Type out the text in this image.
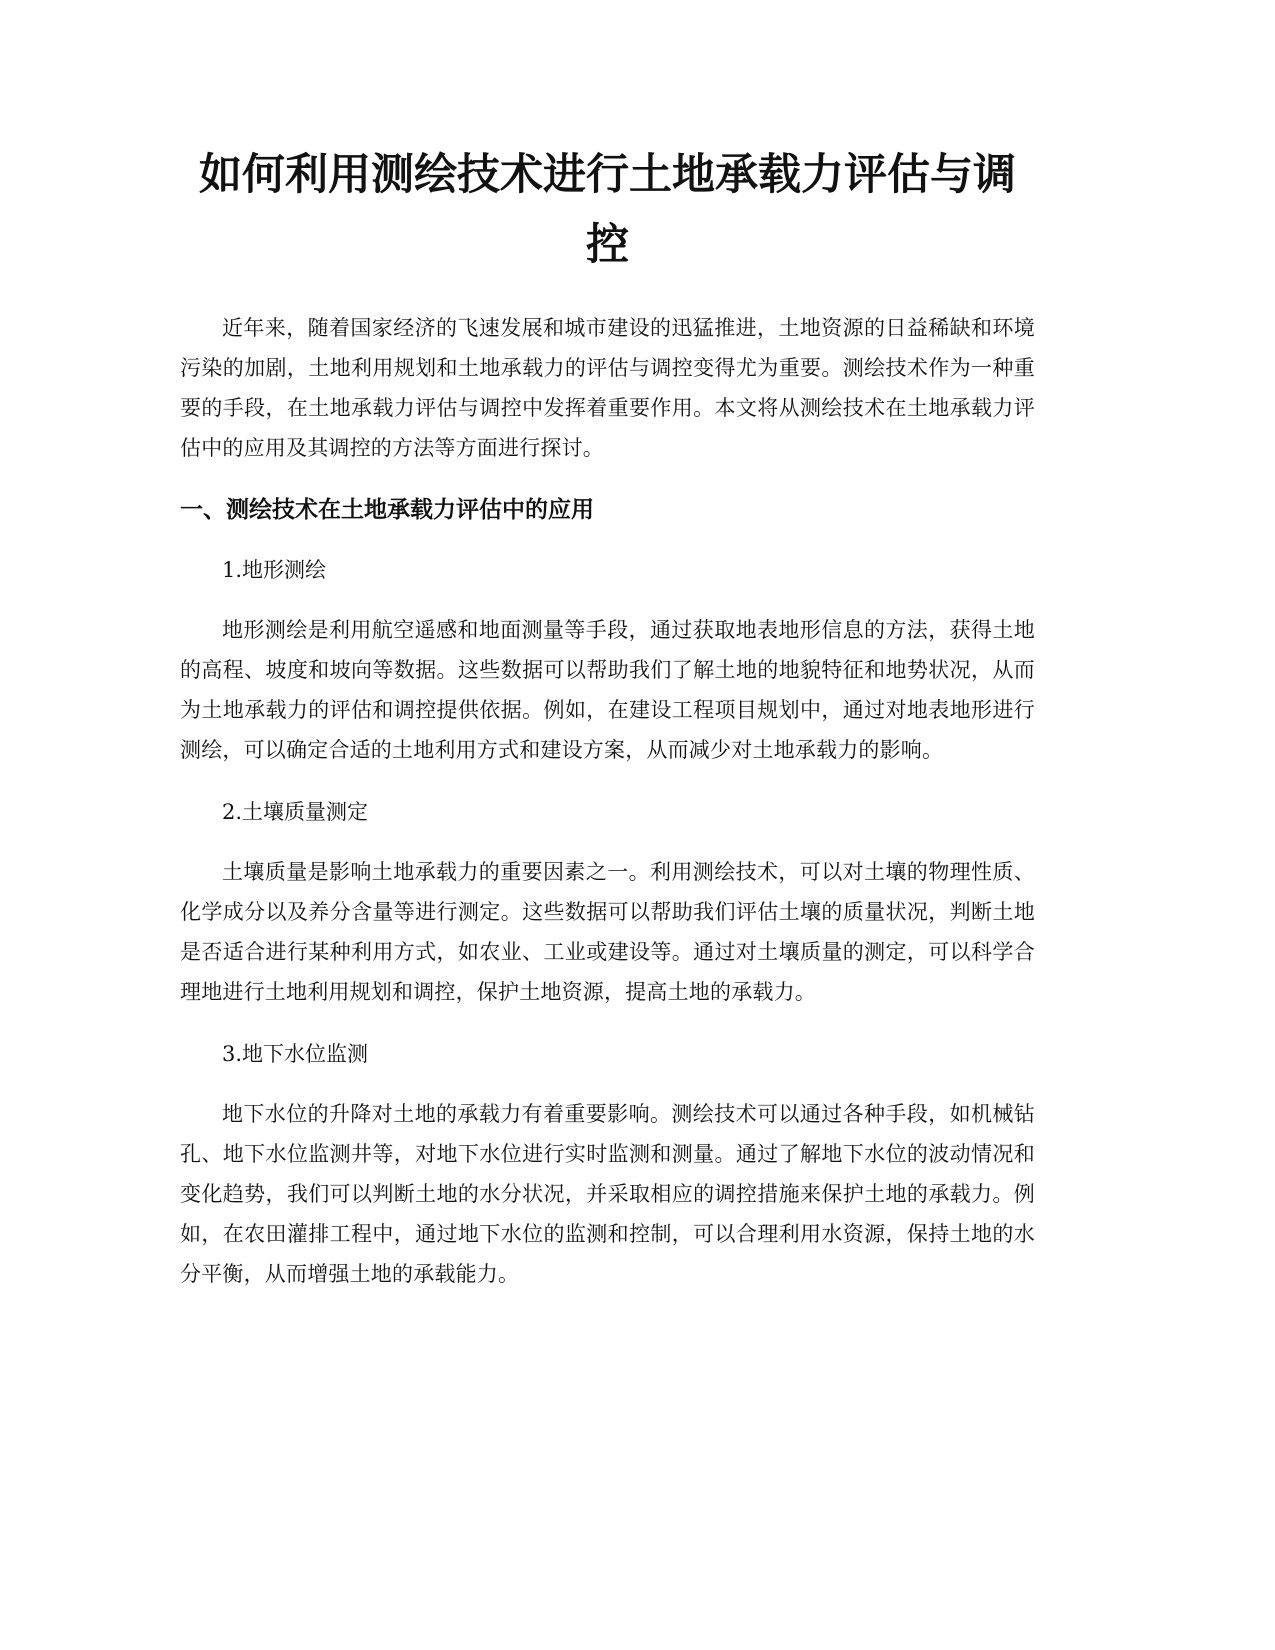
如何利用测绘技术进行土地承载力评估与调控

近年来，随着国家经济的飞速发展和城市建设的迅猛推进，土地资源的日益稀缺和环境污染的加剧，土地利用规划和土地承载力的评估与调控变得尤为重要。测绘技术作为一种重要的手段，在土地承载力评估与调控中发挥着重要作用。本文将从测绘技术在土地承载力评估中的应用及其调控的方法等方面进行探讨。

一、测绘技术在土地承载力评估中的应用

1.地形测绘

地形测绘是利用航空遥感和地面测量等手段，通过获取地表地形信息的方法，获得土地的高程、坡度和坡向等数据。这些数据可以帮助我们了解土地的地貌特征和地势状况，从而为土地承载力的评估和调控提供依据。例如，在建设工程项目规划中，通过对地表地形进行测绘，可以确定合适的土地利用方式和建设方案，从而减少对土地承载力的影响。

2.土壤质量测定

土壤质量是影响土地承载力的重要因素之一。利用测绘技术，可以对土壤的物理性质、化学成分以及养分含量等进行测定。这些数据可以帮助我们评估土壤的质量状况，判断土地是否适合进行某种利用方式，如农业、工业或建设等。通过对土壤质量的测定，可以科学合理地进行土地利用规划和调控，保护土地资源，提高土地的承载力。

3.地下水位监测

地下水位的升降对土地的承载力有着重要影响。测绘技术可以通过各种手段，如机械钻孔、地下水位监测井等，对地下水位进行实时监测和测量。通过了解地下水位的波动情况和变化趋势，我们可以判断土地的水分状况，并采取相应的调控措施来保护土地的承载力。例如，在农田灌排工程中，通过地下水位的监测和控制，可以合理利用水资源，保持土地的水分平衡，从而增强土地的承载能力。
